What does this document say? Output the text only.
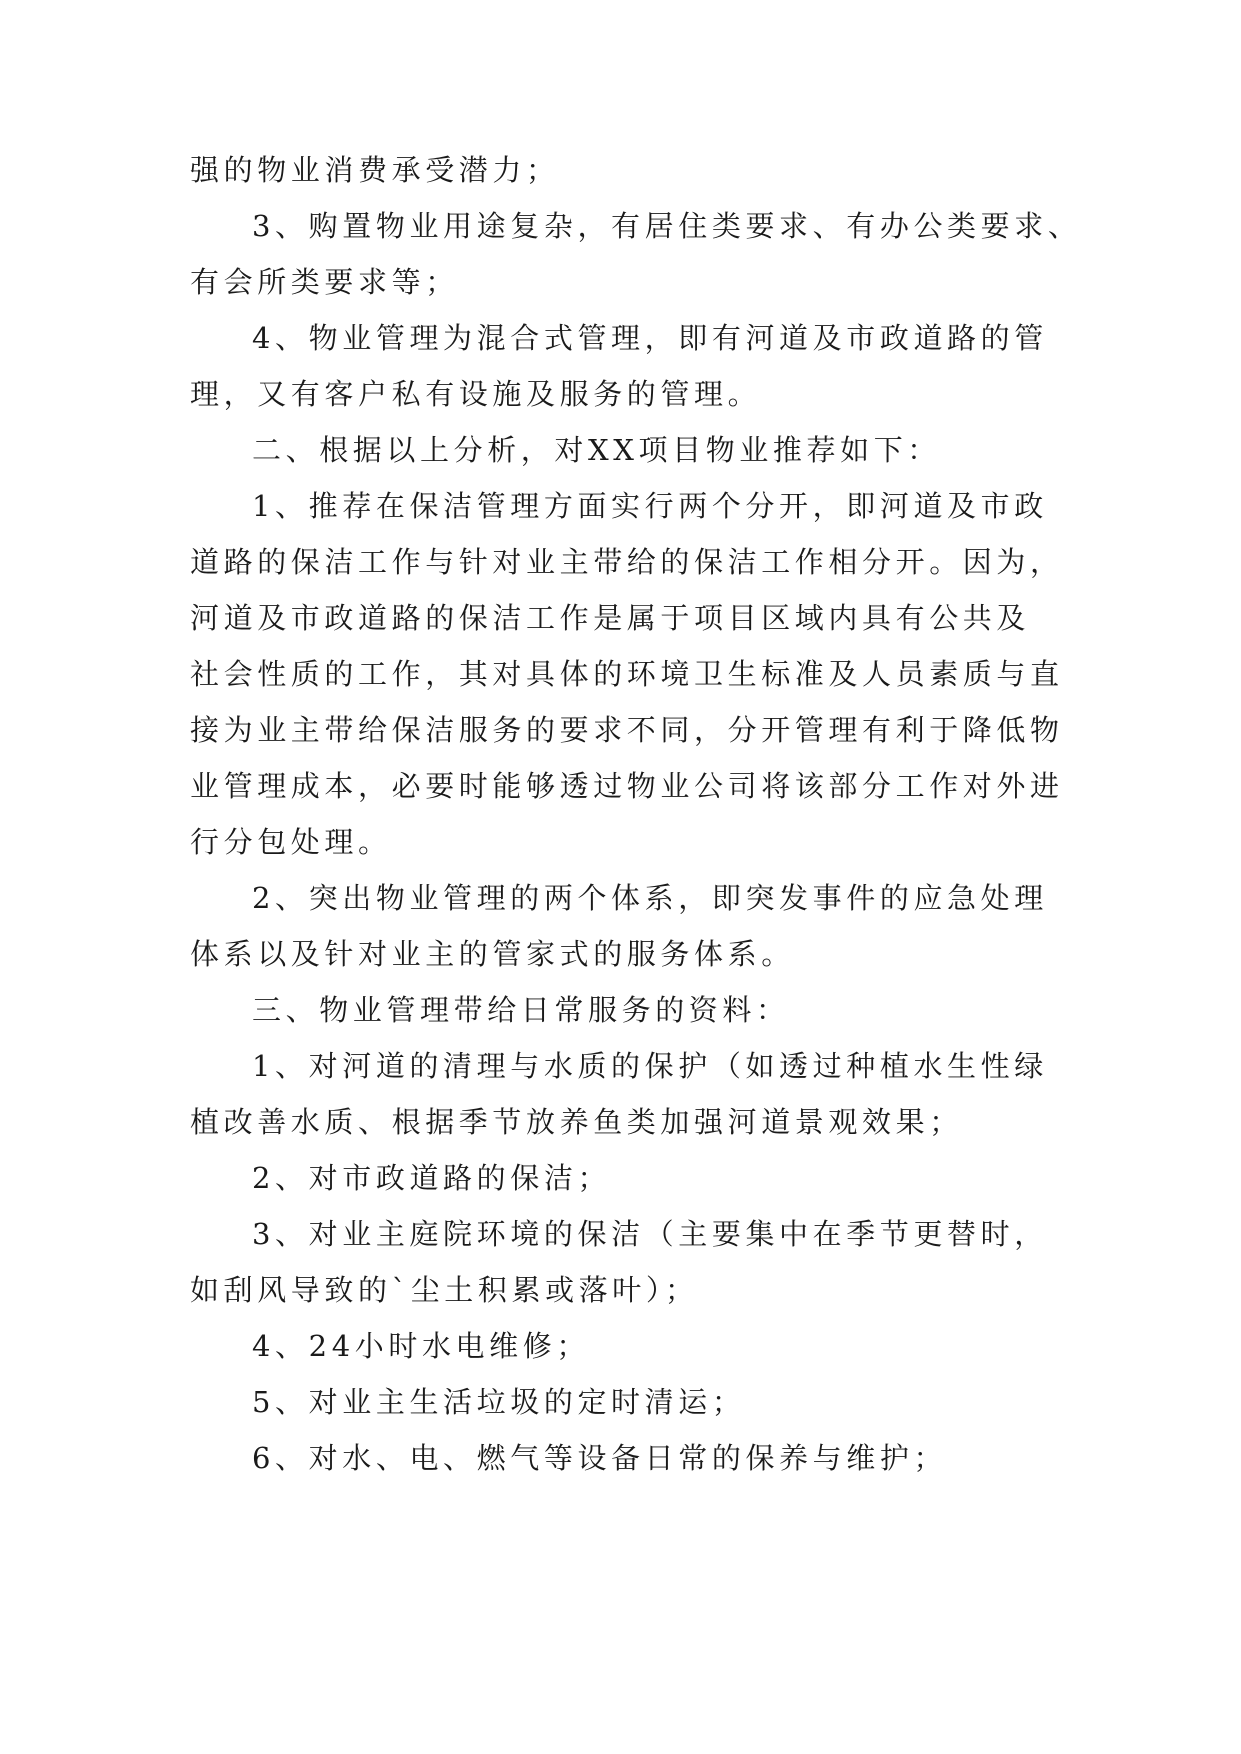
强的物业消费承受潜力；
3、购置物业用途复杂，有居住类要求、有办公类要求、
有会所类要求等；
4、物业管理为混合式管理，即有河道及市政道路的管
理，又有客户私有设施及服务的管理。
二、根据以上分析，对XX项目物业推荐如下：
1、推荐在保洁管理方面实行两个分开，即河道及市政
道路的保洁工作与针对业主带给的保洁工作相分开。因为，
河道及市政道路的保洁工作是属于项目区域内具有公共及
社会性质的工作，其对具体的环境卫生标准及人员素质与直
接为业主带给保洁服务的要求不同，分开管理有利于降低物
业管理成本，必要时能够透过物业公司将该部分工作对外进
行分包处理。
2、突出物业管理的两个体系，即突发事件的应急处理
体系以及针对业主的管家式的服务体系。
三、物业管理带给日常服务的资料：
1、对河道的清理与水质的保护（如透过种植水生性绿
植改善水质、根据季节放养鱼类加强河道景观效果；
2、对市政道路的保洁；
3、对业主庭院环境的保洁（主要集中在季节更替时，
如刮风导致的`尘土积累或落叶）；
4、24小时水电维修；
5、对业主生活垃圾的定时清运；
6、对水、电、燃气等设备日常的保养与维护；
